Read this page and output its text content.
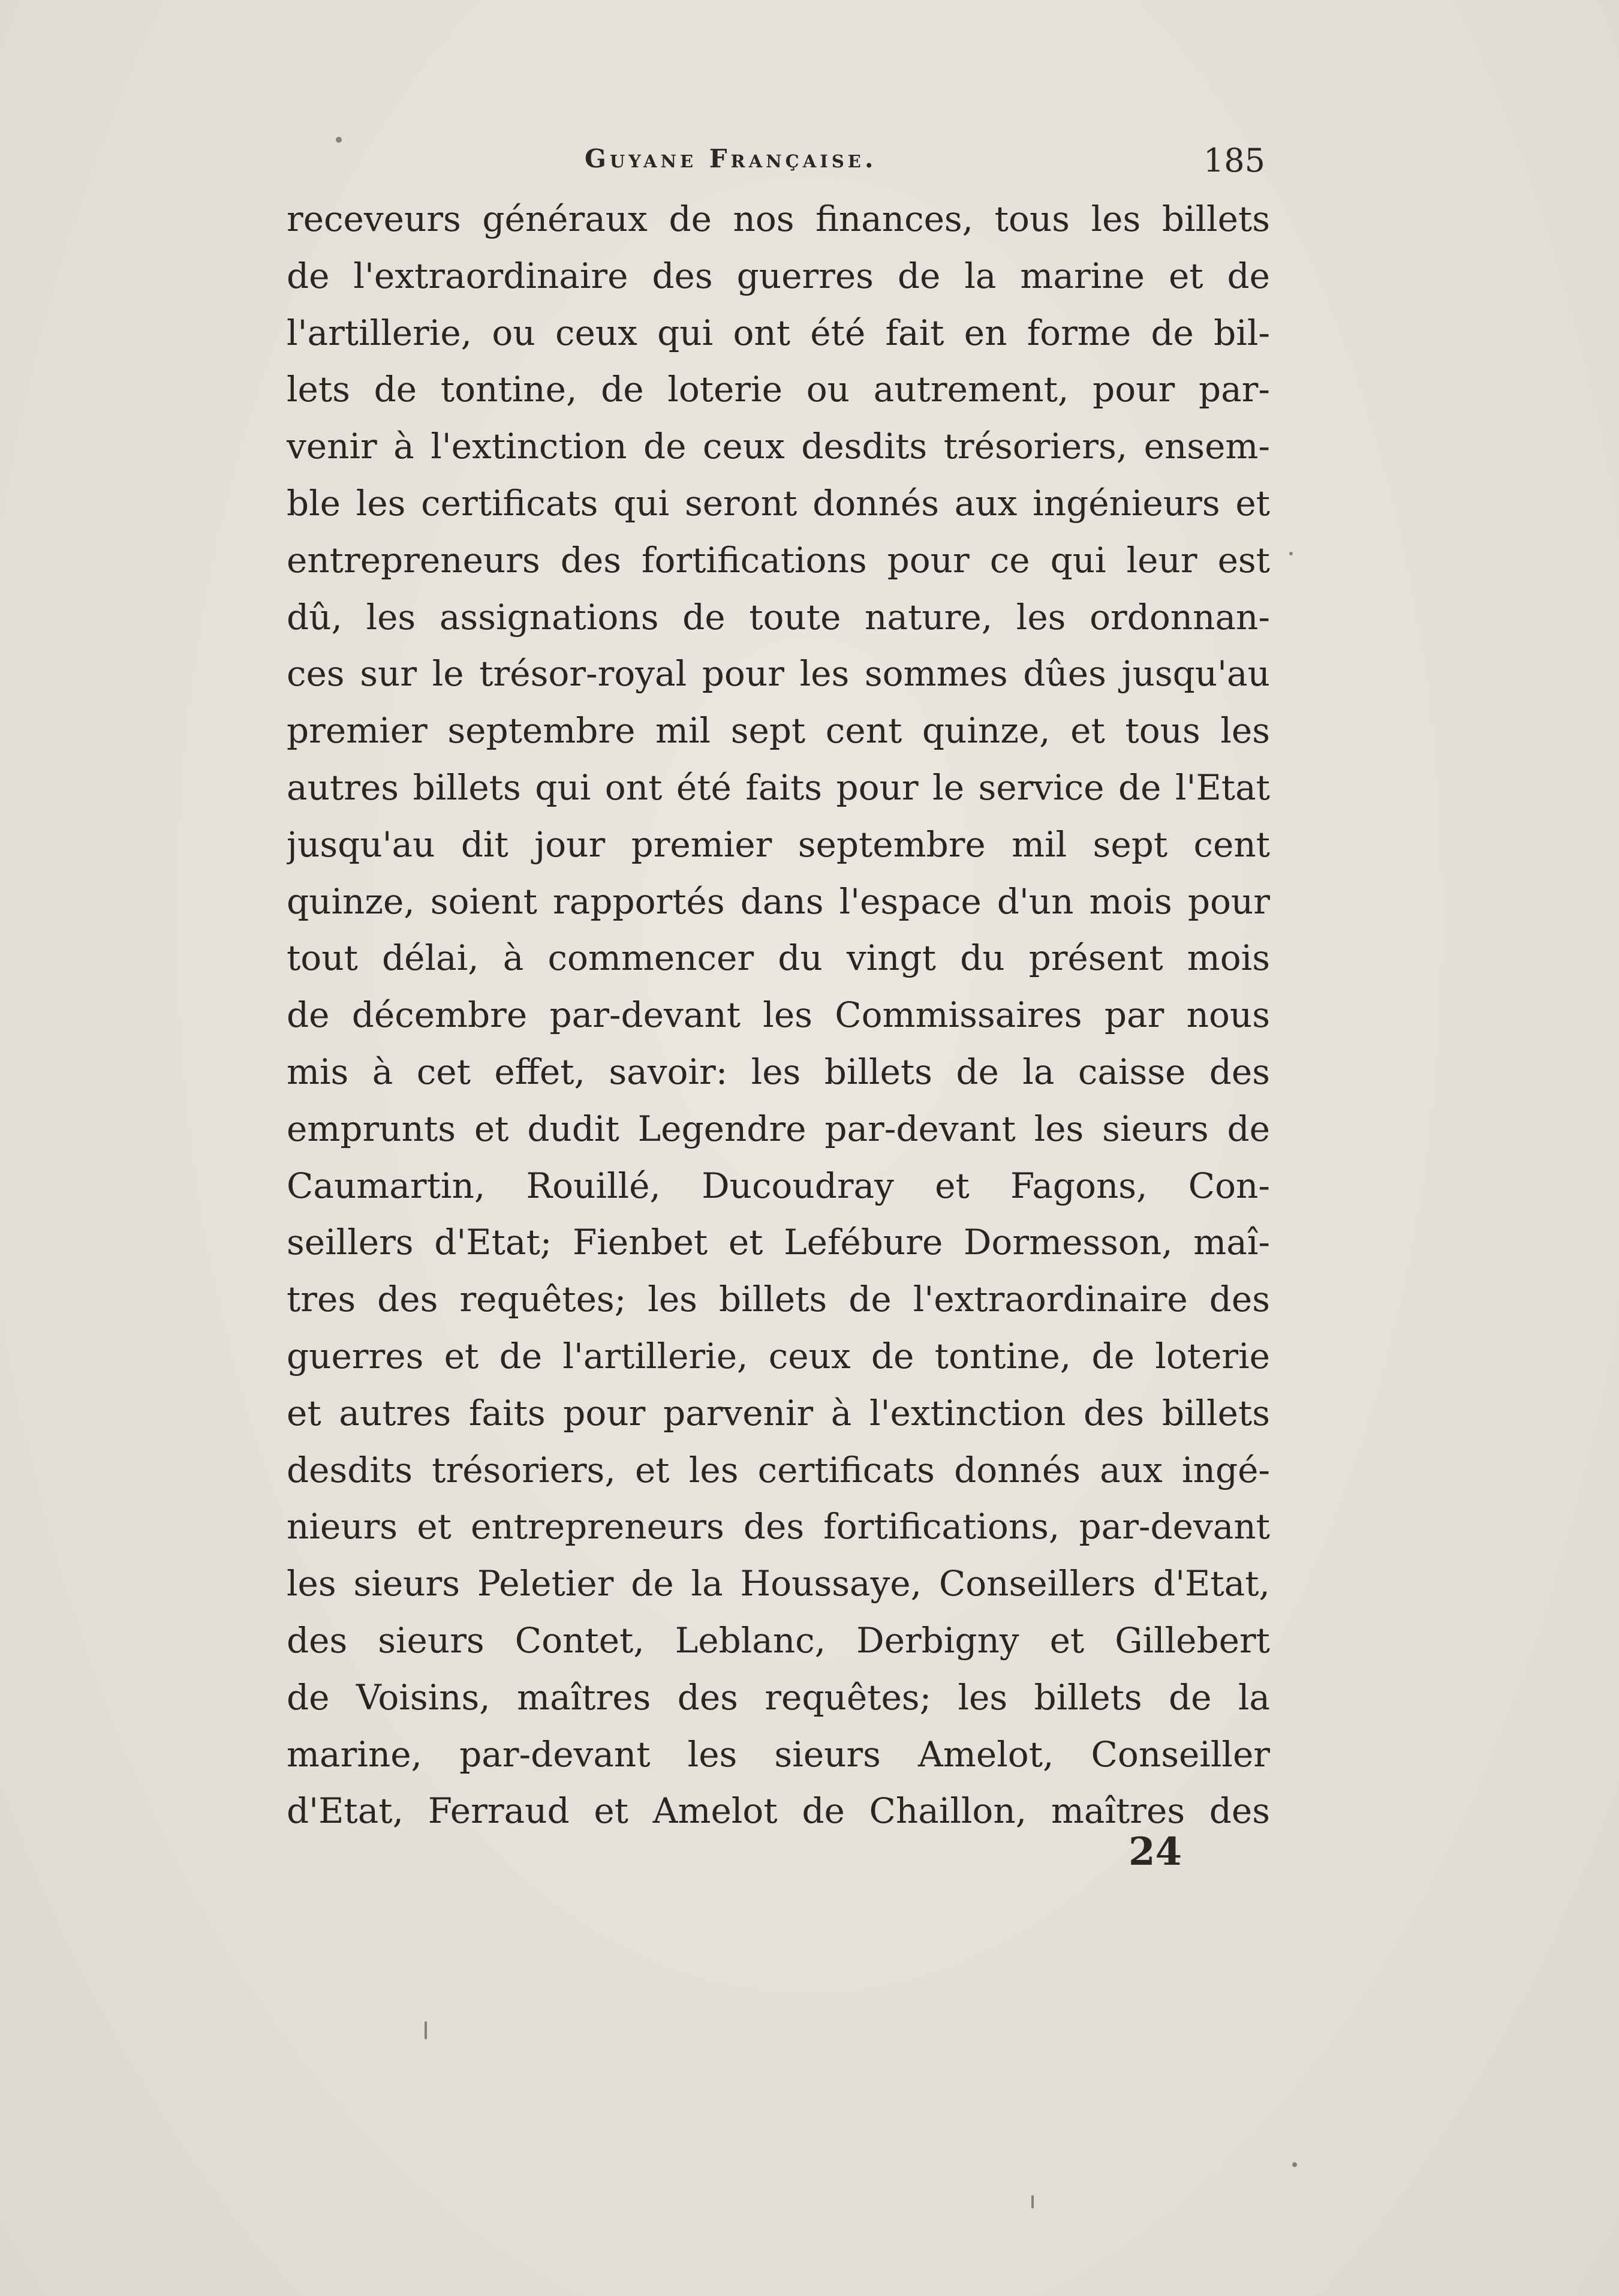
Guyane Française.	185
receveurs généraux de nos finances, tous les billets
de l'extraordinaire des guerres de la marine et de
l'artillerie, ou ceux qui ont été fait en forme de bil-
lets de tontine, de loterie ou autrement, pour par-
venir à l'extinction de ceux desdits trésoriers, ensem-
ble les certificats qui seront donnés aux ingénieurs et
entrepreneurs des fortifications pour ce qui leur est
dû, les assignations de toute nature, les ordonnan-
ces sur le trésor-royal pour les sommes dûes jusqu'au
premier septembre mil sept cent quinze, et tous les
autres billets qui ont été faits pour le service de l'Etat
jusqu'au dit jour premier septembre mil sept cent
quinze, soient rapportés dans l'espace d'un mois pour
tout délai, à commencer du vingt du présent mois
de décembre par-devant les Commissaires par nous
mis à cet effet, savoir: les billets de la caisse des
emprunts et dudit Legendre par-devant les sieurs de
Caumartin, Rouillé, Ducoudray et Fagons, Con-
seillers d'Etat; Fienbet et Lefébure Dormesson, maî-
tres des requêtes; les billets de l'extraordinaire des
guerres et de l'artillerie, ceux de tontine, de loterie
et autres faits pour parvenir à l'extinction des billets
desdits trésoriers, et les certificats donnés aux ingé-
nieurs et entrepreneurs des fortifications, par-devant
les sieurs Peletier de la Houssaye, Conseillers d'Etat,
des sieurs Contet, Leblanc, Derbigny et Gillebert
de Voisins, maîtres des requêtes; les billets de la
marine, par-devant les sieurs Amelot, Conseiller
d'Etat, Ferraud et Amelot de Chaillon, maîtres des
24
